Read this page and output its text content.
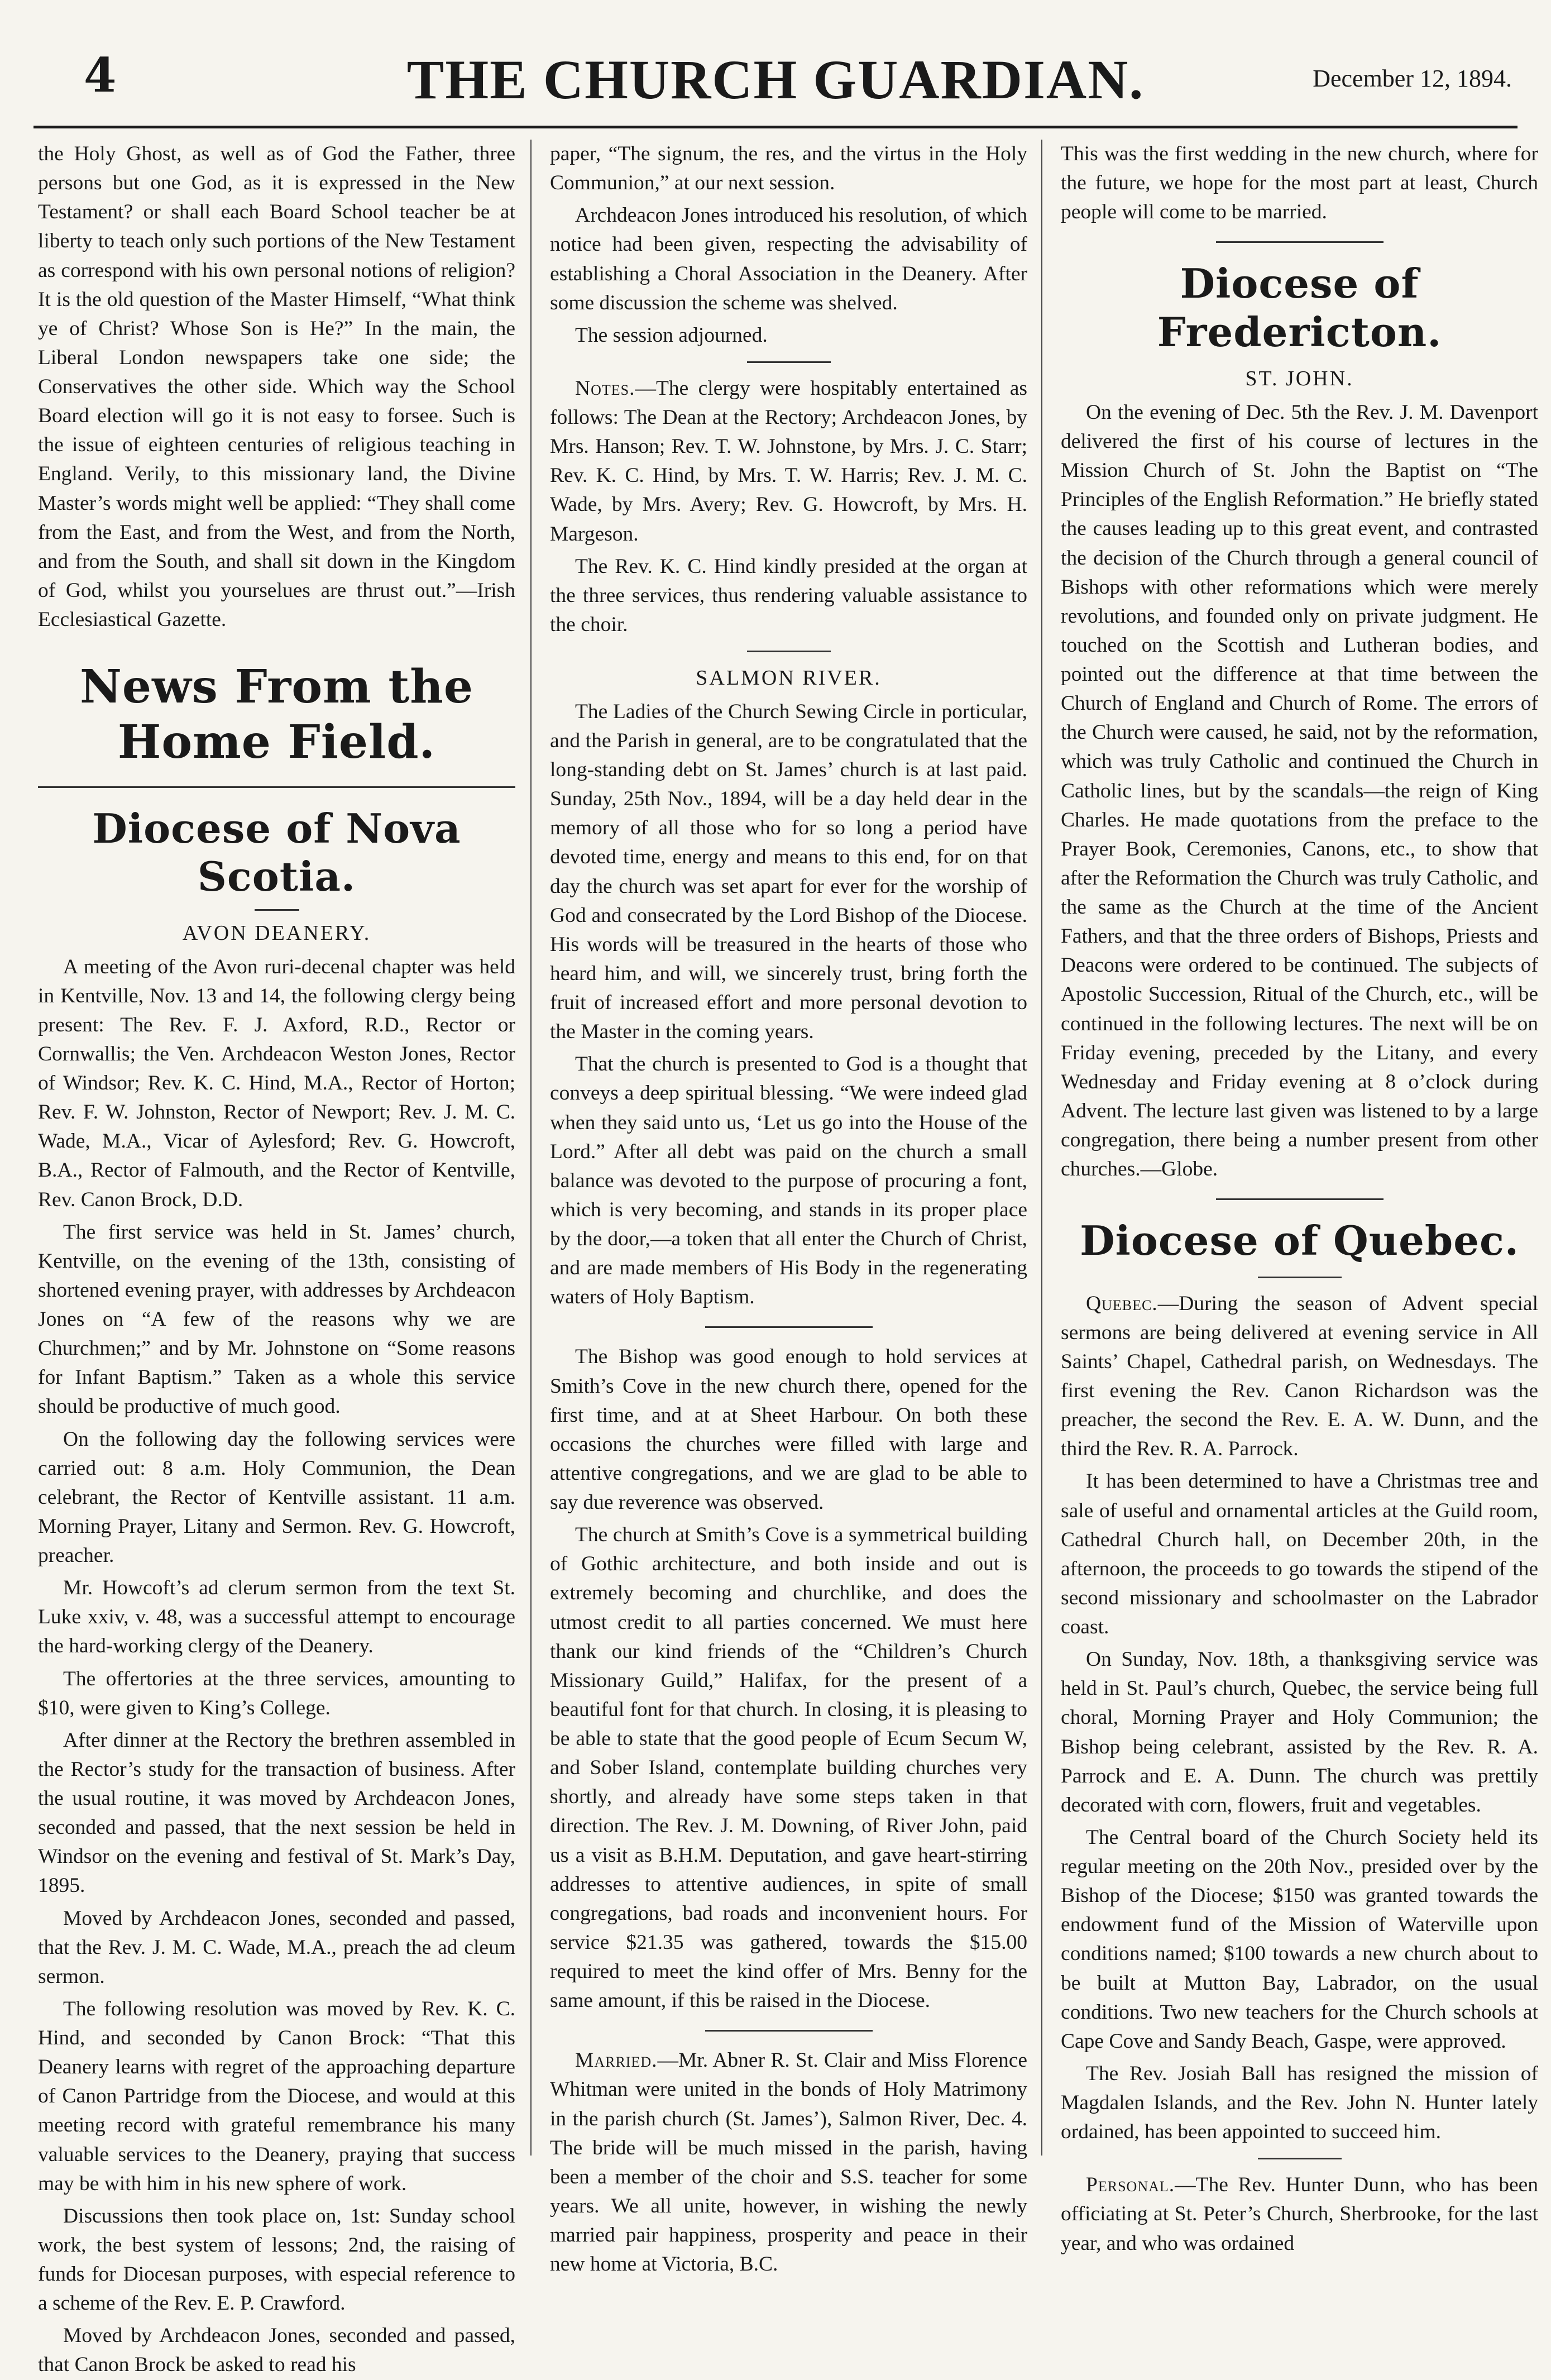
4	THE CHURCH GUARDIAN.	December 12, 1894.

the Holy Ghost, as well as of God the Father, three persons but one God, as it is expressed in the New Testament? or shall each Board School teacher be at liberty to teach only such portions of the New Testament as correspond with his own personal notions of religion? It is the old question of the Master Himself, “What think ye of Christ? Whose Son is He?” In the main, the Liberal London newspapers take one side; the Conservatives the other side. Which way the School Board election will go it is not easy to forsee. Such is the issue of eighteen centuries of religious teaching in England. Verily, to this missionary land, the Divine Master’s words might well be applied: “They shall come from the East, and from the West, and from the North, and from the South, and shall sit down in the Kingdom of God, whilst you yourselues are thrust out.”—Irish Ecclesiastical Gazette.

News From the Home Field.
Diocese of Nova Scotia.
AVON DEANERY.

A meeting of the Avon ruri-decenal chapter was held in Kentville, Nov. 13 and 14, the following clergy being present: The Rev. F. J. Axford, R.D., Rector or Cornwallis; the Ven. Archdeacon Weston Jones, Rector of Windsor; Rev. K. C. Hind, M.A., Rector of Horton; Rev. F. W. Johnston, Rector of Newport; Rev. J. M. C. Wade, M.A., Vicar of Aylesford; Rev. G. Howcroft, B.A., Rector of Falmouth, and the Rector of Kentville, Rev. Canon Brock, D.D.

The first service was held in St. James’ church, Kentville, on the evening of the 13th, consisting of shortened evening prayer, with addresses by Archdeacon Jones on “A few of the reasons why we are Churchmen;” and by Mr. Johnstone on “Some reasons for Infant Baptism.” Taken as a whole this service should be productive of much good.

On the following day the following services were carried out: 8 a.m. Holy Communion, the Dean celebrant, the Rector of Kentville assistant. 11 a.m. Morning Prayer, Litany and Sermon. Rev. G. Howcroft, preacher.

Mr. Howcoft’s ad clerum sermon from the text St. Luke xxiv, v. 48, was a successful attempt to encourage the hard-working clergy of the Deanery.

The offertories at the three services, amounting to $10, were given to King’s College.

After dinner at the Rectory the brethren assembled in the Rector’s study for the transaction of business. After the usual routine, it was moved by Archdeacon Jones, seconded and passed, that the next session be held in Windsor on the evening and festival of St. Mark’s Day, 1895.

Moved by Archdeacon Jones, seconded and passed, that the Rev. J. M. C. Wade, M.A., preach the ad cleum sermon.

The following resolution was moved by Rev. K. C. Hind, and seconded by Canon Brock: “That this Deanery learns with regret of the approaching departure of Canon Partridge from the Diocese, and would at this meeting record with grateful remembrance his many valuable services to the Deanery, praying that success may be with him in his new sphere of work.

Discussions then took place on, 1st: Sunday school work, the best system of lessons; 2nd, the raising of funds for Diocesan purposes, with especial reference to a scheme of the Rev. E. P. Crawford.

Moved by Archdeacon Jones, seconded and passed, that Canon Brock be asked to read his

paper, “The signum, the res, and the virtus in the Holy Communion,” at our next session.

Archdeacon Jones introduced his resolution, of which notice had been given, respecting the advisability of establishing a Choral Association in the Deanery. After some discussion the scheme was shelved.

The session adjourned.

Notes.—The clergy were hospitably entertained as follows: The Dean at the Rectory; Archdeacon Jones, by Mrs. Hanson; Rev. T. W. Johnstone, by Mrs. J. C. Starr; Rev. K. C. Hind, by Mrs. T. W. Harris; Rev. J. M. C. Wade, by Mrs. Avery; Rev. G. Howcroft, by Mrs. H. Margeson.

The Rev. K. C. Hind kindly presided at the organ at the three services, thus rendering valuable assistance to the choir.

SALMON RIVER.

The Ladies of the Church Sewing Circle in porticular, and the Parish in general, are to be congratulated that the long-standing debt on St. James’ church is at last paid. Sunday, 25th Nov., 1894, will be a day held dear in the memory of all those who for so long a period have devoted time, energy and means to this end, for on that day the church was set apart for ever for the worship of God and consecrated by the Lord Bishop of the Diocese. His words will be treasured in the hearts of those who heard him, and will, we sincerely trust, bring forth the fruit of increased effort and more personal devotion to the Master in the coming years.

That the church is presented to God is a thought that conveys a deep spiritual blessing. “We were indeed glad when they said unto us, ‘Let us go into the House of the Lord.” After all debt was paid on the church a small balance was devoted to the purpose of procuring a font, which is very becoming, and stands in its proper place by the door,—a token that all enter the Church of Christ, and are made members of His Body in the regenerating waters of Holy Baptism.

The Bishop was good enough to hold services at Smith’s Cove in the new church there, opened for the first time, and at at Sheet Harbour. On both these occasions the churches were filled with large and attentive congregations, and we are glad to be able to say due reverence was observed.

The church at Smith’s Cove is a symmetrical building of Gothic architecture, and both inside and out is extremely becoming and churchlike, and does the utmost credit to all parties concerned. We must here thank our kind friends of the “Children’s Church Missionary Guild,” Halifax, for the present of a beautiful font for that church. In closing, it is pleasing to be able to state that the good people of Ecum Secum W, and Sober Island, contemplate building churches very shortly, and already have some steps taken in that direction. The Rev. J. M. Downing, of River John, paid us a visit as B.H.M. Deputation, and gave heart-stirring addresses to attentive audiences, in spite of small congregations, bad roads and inconvenient hours. For service $21.35 was gathered, towards the $15.00 required to meet the kind offer of Mrs. Benny for the same amount, if this be raised in the Diocese.

Married.—Mr. Abner R. St. Clair and Miss Florence Whitman were united in the bonds of Holy Matrimony in the parish church (St. James’), Salmon River, Dec. 4. The bride will be much missed in the parish, having been a member of the choir and S.S. teacher for some years. We all unite, however, in wishing the newly married pair happiness, prosperity and peace in their new home at Victoria, B.C.

This was the first wedding in the new church, where for the future, we hope for the most part at least, Church people will come to be married.

Diocese of Fredericton.
ST. JOHN.

On the evening of Dec. 5th the Rev. J. M. Davenport delivered the first of his course of lectures in the Mission Church of St. John the Baptist on “The Principles of the English Reformation.” He briefly stated the causes leading up to this great event, and contrasted the decision of the Church through a general council of Bishops with other reformations which were merely revolutions, and founded only on private judgment. He touched on the Scottish and Lutheran bodies, and pointed out the difference at that time between the Church of England and Church of Rome. The errors of the Church were caused, he said, not by the reformation, which was truly Catholic and continued the Church in Catholic lines, but by the scandals—the reign of King Charles. He made quotations from the preface to the Prayer Book, Ceremonies, Canons, etc., to show that after the Reformation the Church was truly Catholic, and the same as the Church at the time of the Ancient Fathers, and that the three orders of Bishops, Priests and Deacons were ordered to be continued. The subjects of Apostolic Succession, Ritual of the Church, etc., will be continued in the following lectures. The next will be on Friday evening, preceded by the Litany, and every Wednesday and Friday evening at 8 o’clock during Advent. The lecture last given was listened to by a large congregation, there being a number present from other churches.—Globe.

Diocese of Quebec.

Quebec.—During the season of Advent special sermons are being delivered at evening service in All Saints’ Chapel, Cathedral parish, on Wednesdays. The first evening the Rev. Canon Richardson was the preacher, the second the Rev. E. A. W. Dunn, and the third the Rev. R. A. Parrock.

It has been determined to have a Christmas tree and sale of useful and ornamental articles at the Guild room, Cathedral Church hall, on December 20th, in the afternoon, the proceeds to go towards the stipend of the second missionary and schoolmaster on the Labrador coast.

On Sunday, Nov. 18th, a thanksgiving service was held in St. Paul’s church, Quebec, the service being full choral, Morning Prayer and Holy Communion; the Bishop being celebrant, assisted by the Rev. R. A. Parrock and E. A. Dunn. The church was prettily decorated with corn, flowers, fruit and vegetables.

The Central board of the Church Society held its regular meeting on the 20th Nov., presided over by the Bishop of the Diocese; $150 was granted towards the endowment fund of the Mission of Waterville upon conditions named; $100 towards a new church about to be built at Mutton Bay, Labrador, on the usual conditions. Two new teachers for the Church schools at Cape Cove and Sandy Beach, Gaspe, were approved.

The Rev. Josiah Ball has resigned the mission of Magdalen Islands, and the Rev. John N. Hunter lately ordained, has been appointed to succeed him.

Personal.—The Rev. Hunter Dunn, who has been officiating at St. Peter’s Church, Sherbrooke, for the last year, and who was ordained
